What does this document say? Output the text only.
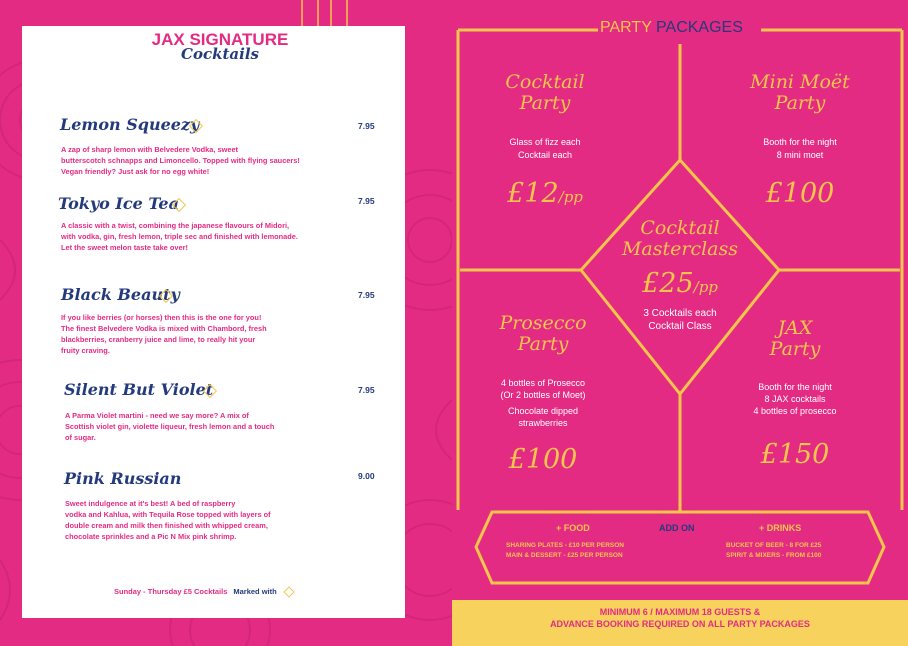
JAX SIGNATURE
Cocktails
Lemon Squeezy	7.95
A zap of sharp lemon with Belvedere Vodka, sweet
butterscotch schnapps and Limoncello. Topped with flying saucers!
Vegan friendly? Just ask for no egg white!
Tokyo Ice Tea	7.95
A classic with a twist, combining the japanese flavours of Midori,
with vodka, gin, fresh lemon, triple sec and finished with lemonade.
Let the sweet melon taste take over!
Black Beauty	7.95
If you like berries (or horses) then this is the one for you!
The finest Belvedere Vodka is mixed with Chambord, fresh
blackberries, cranberry juice and lime, to really hit your
fruity craving.
Silent But Violet	7.95
A Parma Violet martini - need we say more? A mix of
Scottish violet gin, violette liqueur, fresh lemon and a touch
of sugar.
Pink Russian	9.00
Sweet indulgence at it's best! A bed of raspberry
vodka and Kahlua, with Tequila Rose topped with layers of
double cream and milk then finished with whipped cream,
chocolate sprinkles and a Pic N Mix pink shrimp.
Sunday - Thursday £5 Cocktails Marked with
PARTY PACKAGES
Cocktail
Party
Glass of fizz each
Cocktail each
£12/pp
Mini Moët
Party
Booth for the night
8 mini moet
£100
Cocktail
Masterclass
£25/pp
3 Cocktails each
Cocktail Class
Prosecco
Party
4 bottles of Prosecco
(Or 2 bottles of Moet)
Chocolate dipped
strawberries
£100
JAX
Party
Booth for the night
8 JAX cocktails
4 bottles of prosecco
£150
+ FOOD	ADD ON	+ DRINKS
SHARING PLATES - £10 PER PERSON
MAIN & DESSERT - £25 PER PERSON
BUCKET OF BEER - 8 FOR £25
SPIRIT & MIXERS - FROM £100
MINIMUM 6 / MAXIMUM 18 GUESTS &
ADVANCE BOOKING REQUIRED ON ALL PARTY PACKAGES
